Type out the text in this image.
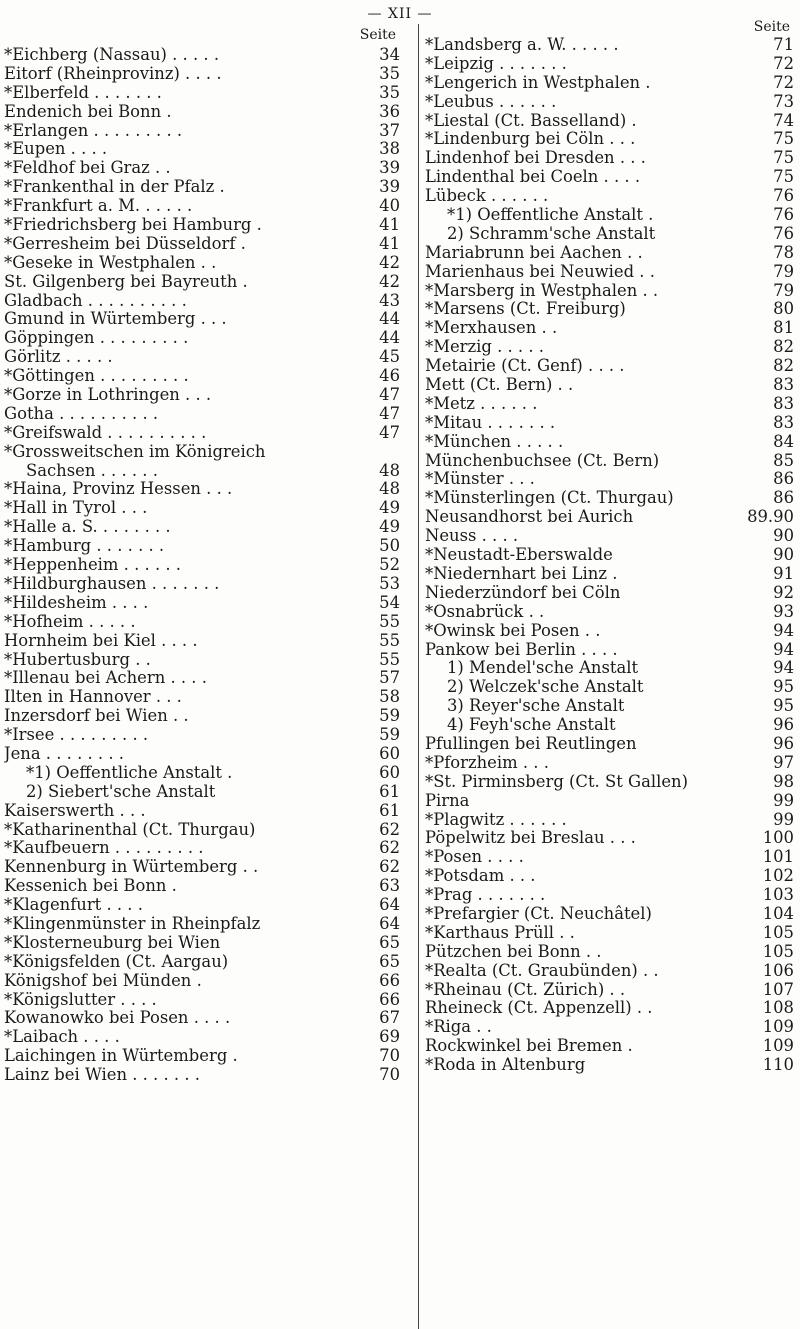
— XII —
Seite
*Eichberg (Nassau) . . . . .	34
Eitorf (Rheinprovinz) . . . .	35
*Elberfeld . . . . . . .	35
Endenich bei Bonn .	36
*Erlangen . . . . . . . . .	37
*Eupen . . . .	38
*Feldhof bei Graz . .	39
*Frankenthal in der Pfalz .	39
*Frankfurt a. M. . . . . .	40
*Friedrichsberg bei Hamburg .	41
*Gerresheim bei Düsseldorf .	41
*Geseke in Westphalen . .	42
St. Gilgenberg bei Bayreuth .	42
Gladbach . . . . . . . . . .	43
Gmund in Würtemberg . . .	44
Göppingen . . . . . . . . .	44
Görlitz . . . . .	45
*Göttingen . . . . . . . . .	46
*Gorze in Lothringen . . .	47
Gotha . . . . . . . . . .	47
*Greifswald . . . . . . . . . .	47
*Grossweitschen im Königreich
Sachsen . . . . . .	48
*Haina, Provinz Hessen . . .	48
*Hall in Tyrol . . .	49
*Halle a. S. . . . . . . .	49
*Hamburg . . . . . . .	50
*Heppenheim . . . . . .	52
*Hildburghausen . . . . . . .	53
*Hildesheim . . . .	54
*Hofheim . . . . .	55
Hornheim bei Kiel . . . .	55
*Hubertusburg . .	55
*Illenau bei Achern . . . .	57
Ilten in Hannover . . .	58
Inzersdorf bei Wien . .	59
*Irsee . . . . . . . . .	59
Jena . . . . . . . .	60
*1) Oeffentliche Anstalt .	60
2) Siebert'sche Anstalt	61
Kaiserswerth . . .	61
*Katharinenthal (Ct. Thurgau)	62
*Kaufbeuern . . . . . . . . .	62
Kennenburg in Würtemberg . .	62
Kessenich bei Bonn .	63
*Klagenfurt . . . .	64
*Klingenmünster in Rheinpfalz	64
*Klosterneuburg bei Wien	65
*Königsfelden (Ct. Aargau)	65
Königshof bei Münden .	66
*Königslutter . . . .	66
Kowanowko bei Posen . . . .	67
*Laibach . . . .	69
Laichingen in Würtemberg .	70
Lainz bei Wien . . . . . . .	70
Seite
*Landsberg a. W. . . . . .	71
*Leipzig . . . . . . .	72
*Lengerich in Westphalen .	72
*Leubus . . . . . .	73
*Liestal (Ct. Basselland) .	74
*Lindenburg bei Cöln . . .	75
Lindenhof bei Dresden . . .	75
Lindenthal bei Coeln . . . .	75
Lübeck . . . . . .	76
*1) Oeffentliche Anstalt .	76
2) Schramm'sche Anstalt	76
Mariabrunn bei Aachen . .	78
Marienhaus bei Neuwied . .	79
*Marsberg in Westphalen . .	79
*Marsens (Ct. Freiburg)	80
*Merxhausen . .	81
*Merzig . . . . .	82
Metairie (Ct. Genf) . . . .	82
Mett (Ct. Bern) . .	83
*Metz . . . . . .	83
*Mitau . . . . . . .	83
*München . . . . .	84
Münchenbuchsee (Ct. Bern)	85
*Münster . . .	86
*Münsterlingen (Ct. Thurgau)	86
Neusandhorst bei Aurich	89.90
Neuss . . . .	90
*Neustadt-Eberswalde	90
*Niedernhart bei Linz .	91
Niederzündorf bei Cöln	92
*Osnabrück . .	93
*Owinsk bei Posen . .	94
Pankow bei Berlin . . . .	94
1) Mendel'sche Anstalt	94
2) Welczek'sche Anstalt	95
3) Reyer'sche Anstalt	95
4) Feyh'sche Anstalt	96
Pfullingen bei Reutlingen	96
*Pforzheim . . .	97
*St. Pirminsberg (Ct. St Gallen)	98
Pirna	99
*Plagwitz . . . . . .	99
Pöpelwitz bei Breslau . . .	100
*Posen . . . .	101
*Potsdam . . .	102
*Prag . . . . . . .	103
*Prefargier (Ct. Neuchâtel)	104
*Karthaus Prüll . .	105
Pützchen bei Bonn . .	105
*Realta (Ct. Graubünden) . .	106
*Rheinau (Ct. Zürich) . .	107
Rheineck (Ct. Appenzell) . .	108
*Riga . .	109
Rockwinkel bei Bremen .	109
*Roda in Altenburg	110
